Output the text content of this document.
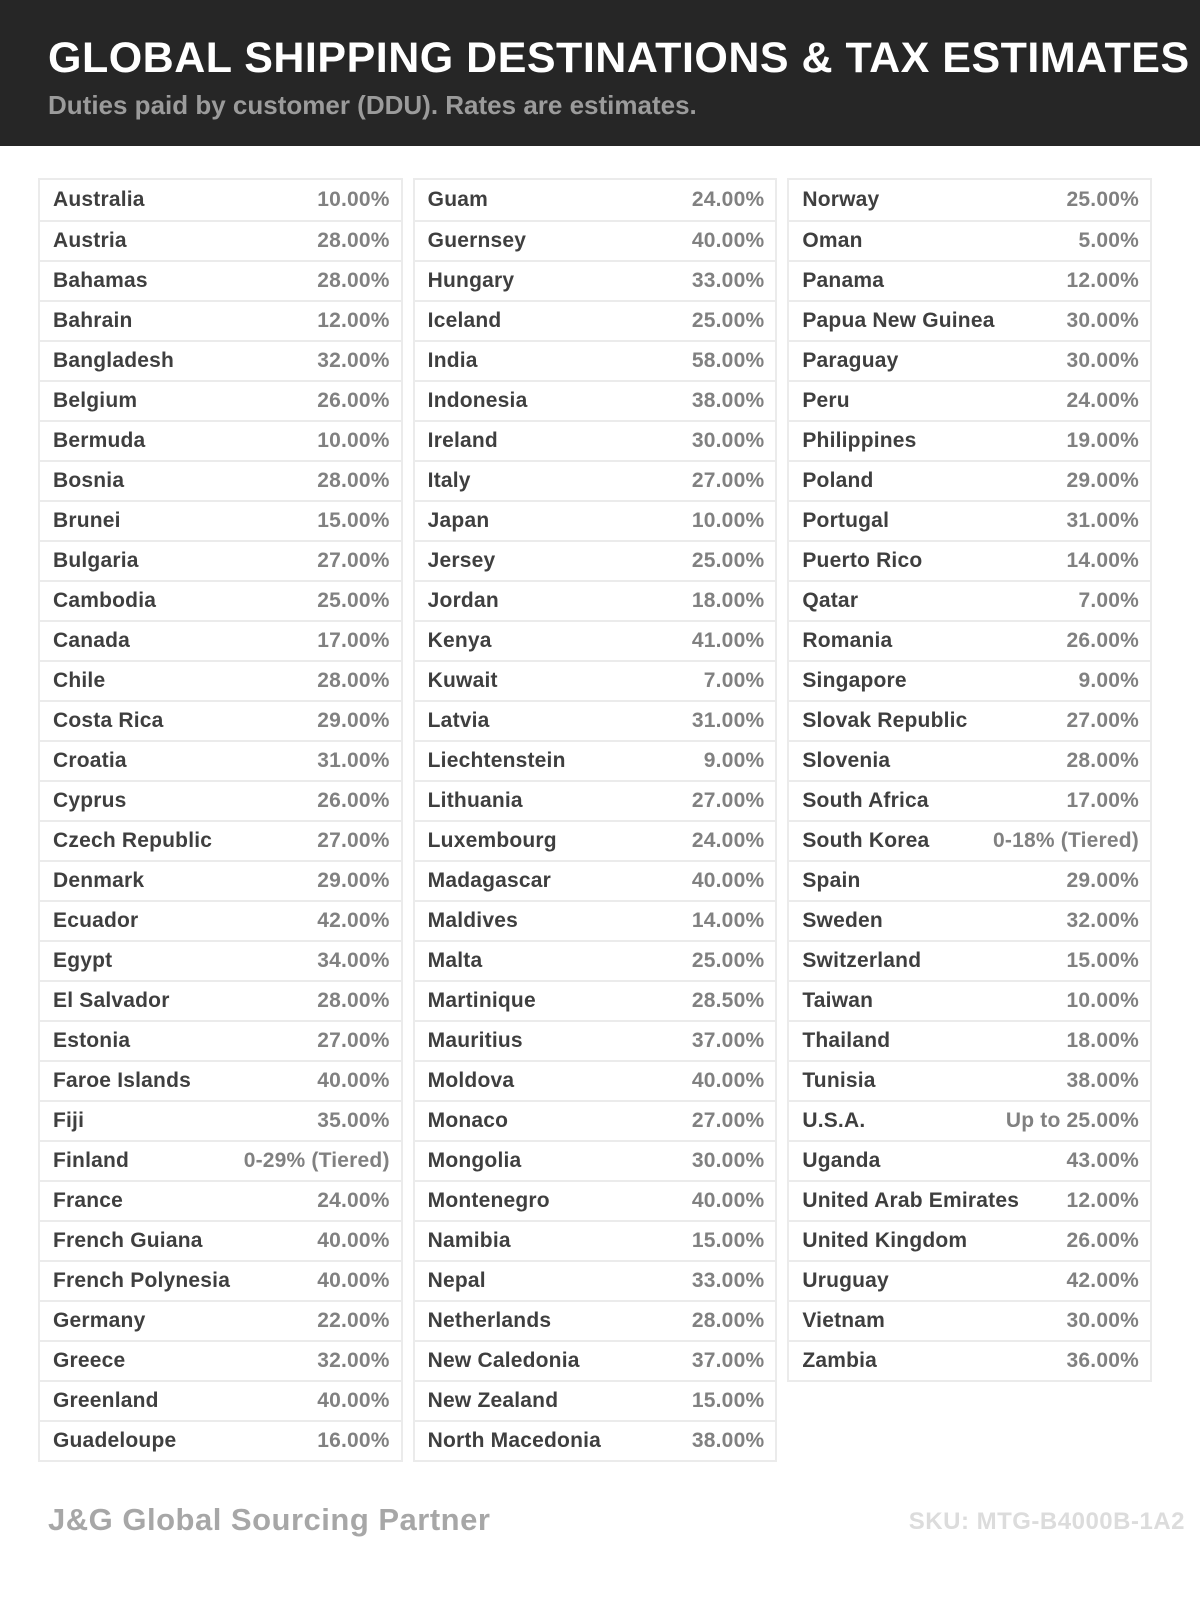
GLOBAL SHIPPING DESTINATIONS & TAX ESTIMATES

Duties paid by customer (DDU). Rates are estimates.

Australia	10.00%
Austria	28.00%
Bahamas	28.00%
Bahrain	12.00%
Bangladesh	32.00%
Belgium	26.00%
Bermuda	10.00%
Bosnia	28.00%
Brunei	15.00%
Bulgaria	27.00%
Cambodia	25.00%
Canada	17.00%
Chile	28.00%
Costa Rica	29.00%
Croatia	31.00%
Cyprus	26.00%
Czech Republic	27.00%
Denmark	29.00%
Ecuador	42.00%
Egypt	34.00%
El Salvador	28.00%
Estonia	27.00%
Faroe Islands	40.00%
Fiji	35.00%
Finland	0-29% (Tiered)
France	24.00%
French Guiana	40.00%
French Polynesia	40.00%
Germany	22.00%
Greece	32.00%
Greenland	40.00%
Guadeloupe	16.00%
Guam	24.00%
Guernsey	40.00%
Hungary	33.00%
Iceland	25.00%
India	58.00%
Indonesia	38.00%
Ireland	30.00%
Italy	27.00%
Japan	10.00%
Jersey	25.00%
Jordan	18.00%
Kenya	41.00%
Kuwait	7.00%
Latvia	31.00%
Liechtenstein	9.00%
Lithuania	27.00%
Luxembourg	24.00%
Madagascar	40.00%
Maldives	14.00%
Malta	25.00%
Martinique	28.50%
Mauritius	37.00%
Moldova	40.00%
Monaco	27.00%
Mongolia	30.00%
Montenegro	40.00%
Namibia	15.00%
Nepal	33.00%
Netherlands	28.00%
New Caledonia	37.00%
New Zealand	15.00%
North Macedonia	38.00%
Norway	25.00%
Oman	5.00%
Panama	12.00%
Papua New Guinea	30.00%
Paraguay	30.00%
Peru	24.00%
Philippines	19.00%
Poland	29.00%
Portugal	31.00%
Puerto Rico	14.00%
Qatar	7.00%
Romania	26.00%
Singapore	9.00%
Slovak Republic	27.00%
Slovenia	28.00%
South Africa	17.00%
South Korea	0-18% (Tiered)
Spain	29.00%
Sweden	32.00%
Switzerland	15.00%
Taiwan	10.00%
Thailand	18.00%
Tunisia	38.00%
U.S.A.	Up to 25.00%
Uganda	43.00%
United Arab Emirates 12.00%
United Kingdom	26.00%
Uruguay	42.00%
Vietnam	30.00%
Zambia	36.00%
J&G Global Sourcing Partner	SKU: MTG-B4000B-1A2
